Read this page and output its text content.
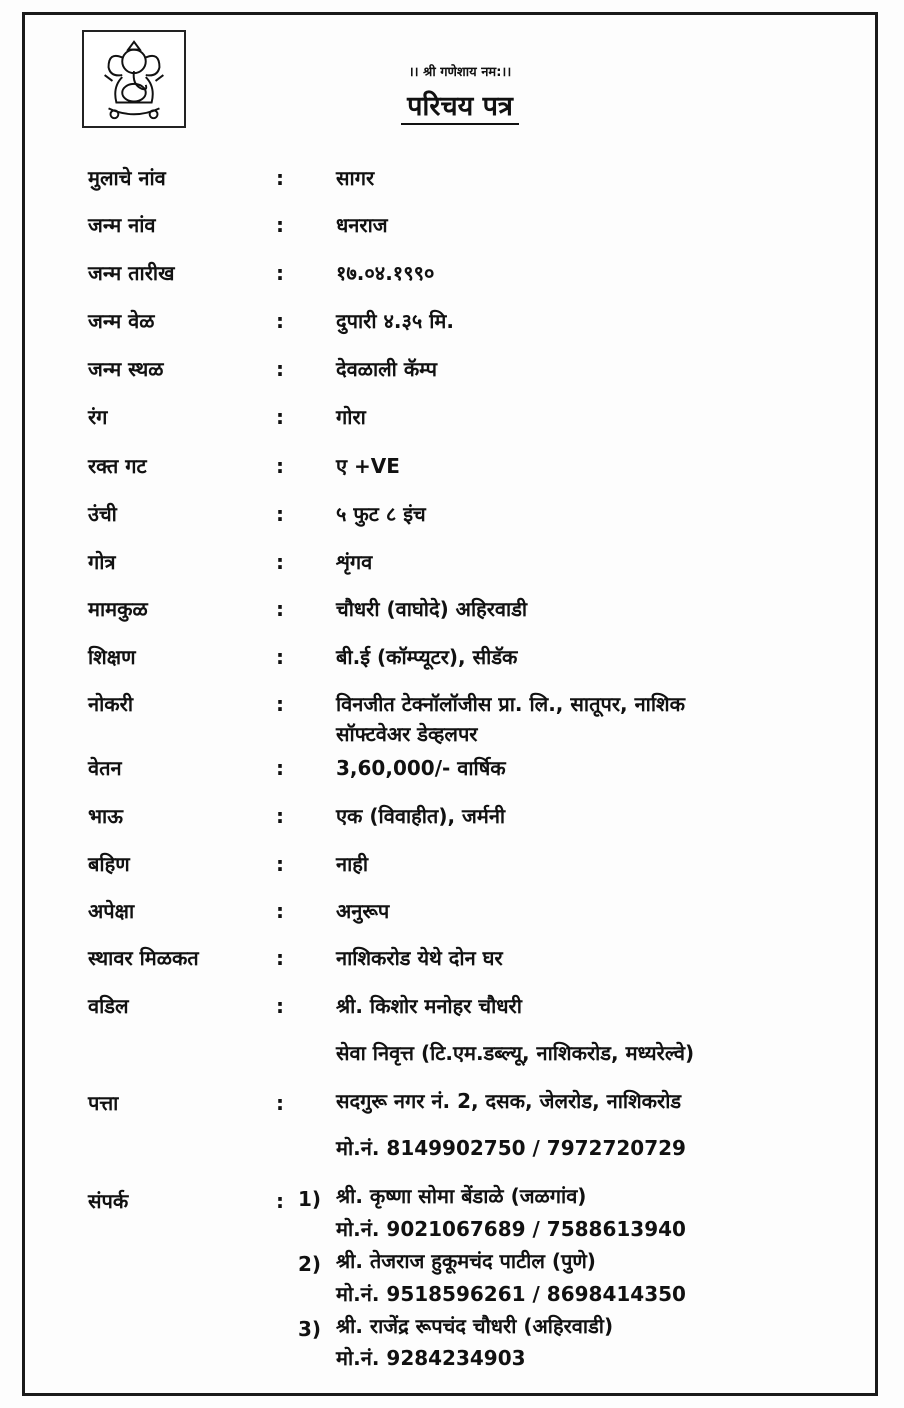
।। श्री गणेशाय नम:।।
परिचय पत्र
मुलाचे नांव	:	सागर
जन्म नांव	:	धनराज
जन्म तारीख	:	१७.०४.१९९०
जन्म वेळ	:	दुपारी ४.३५ मि.
जन्म स्थळ	:	देवळाली कॅम्प
रंग	:	गोरा
रक्त गट	:	ए +VE
उंची	:	५ फुट ८ इंच
गोत्र	:	शृंगव
मामकुळ	:	चौधरी (वाघोदे) अहिरवाडी
शिक्षण	:	बी.ई (कॉम्प्यूटर), सीडॅक
नोकरी	:	विनजीत टेक्नॉलॉजीस प्रा. लि., सातूपर, नाशिक
सॉफ्टवेअर डेव्हलपर
वेतन	:	3,60,000/- वार्षिक
भाऊ	:	एक (विवाहीत), जर्मनी
बहिण	:	नाही
अपेक्षा	:	अनुरूप
स्थावर मिळकत	:	नाशिकरोड येथे दोन घर
वडिल	:	श्री. किशोर मनोहर चौधरी
सेवा निवृत्त (टि.एम.डब्ल्यू, नाशिकरोड, मध्यरेल्वे)
पत्ता	:	सदगुरू नगर नं. 2, दसक, जेलरोड, नाशिकरोड
मो.नं. 8149902750 / 7972720729
संपर्क	: 1) श्री. कृष्णा सोमा बेंडाळे (जळगांव)
मो.नं. 9021067689 / 7588613940
2) श्री. तेजराज हुकूमचंद पाटील (पुणे)
मो.नं. 9518596261 / 8698414350
3) श्री. राजेंद्र रूपचंद चौधरी (अहिरवाडी)
मो.नं. 9284234903
